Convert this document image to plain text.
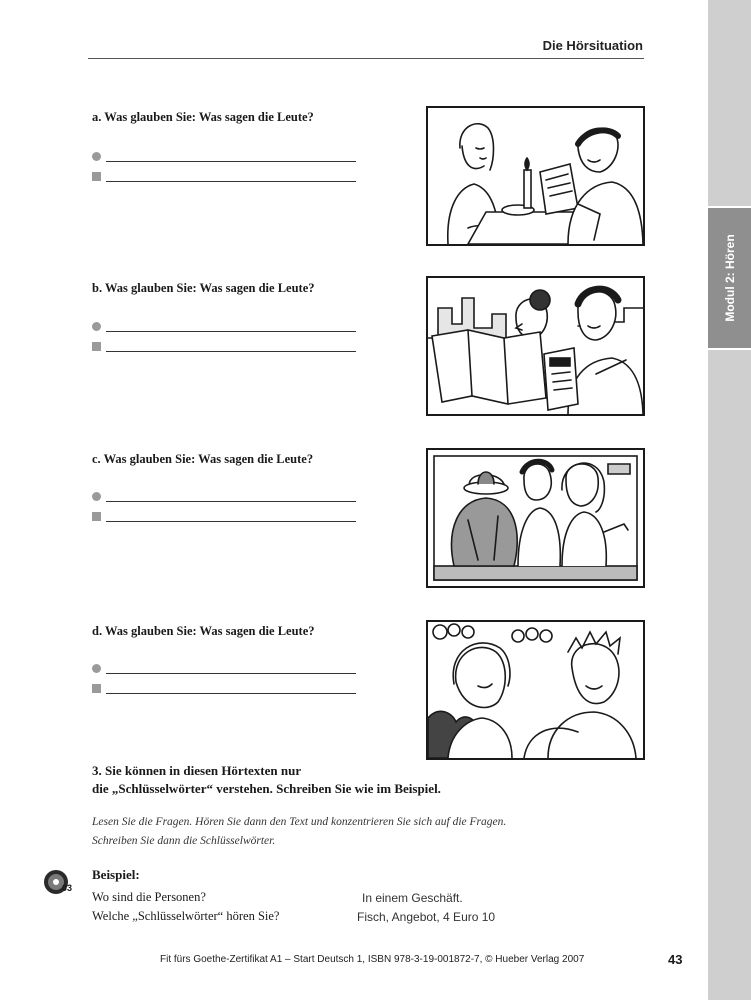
Die Hörsituation
Modul 2: Hören
a. Was glauben Sie: Was sagen die Leute?
b. Was glauben Sie: Was sagen die Leute?
c. Was glauben Sie: Was sagen die Leute?
d. Was glauben Sie: Was sagen die Leute?
3. Sie können in diesen Hörtexten nur
die „Schlüsselwörter“ verstehen. Schreiben Sie wie im Beispiel.
Lesen Sie die Fragen. Hören Sie dann den Text und konzentrieren Sie sich auf die Fragen.
Schreiben Sie dann die Schlüsselwörter.
03
Beispiel:
Wo sind die Personen?	In einem Geschäft.
Welche „Schlüsselwörter“ hören Sie?	Fisch, Angebot, 4 Euro 10
Fit fürs Goethe-Zertifikat A1 – Start Deutsch 1, ISBN 978-3-19-001872-7, © Hueber Verlag 2007	43
